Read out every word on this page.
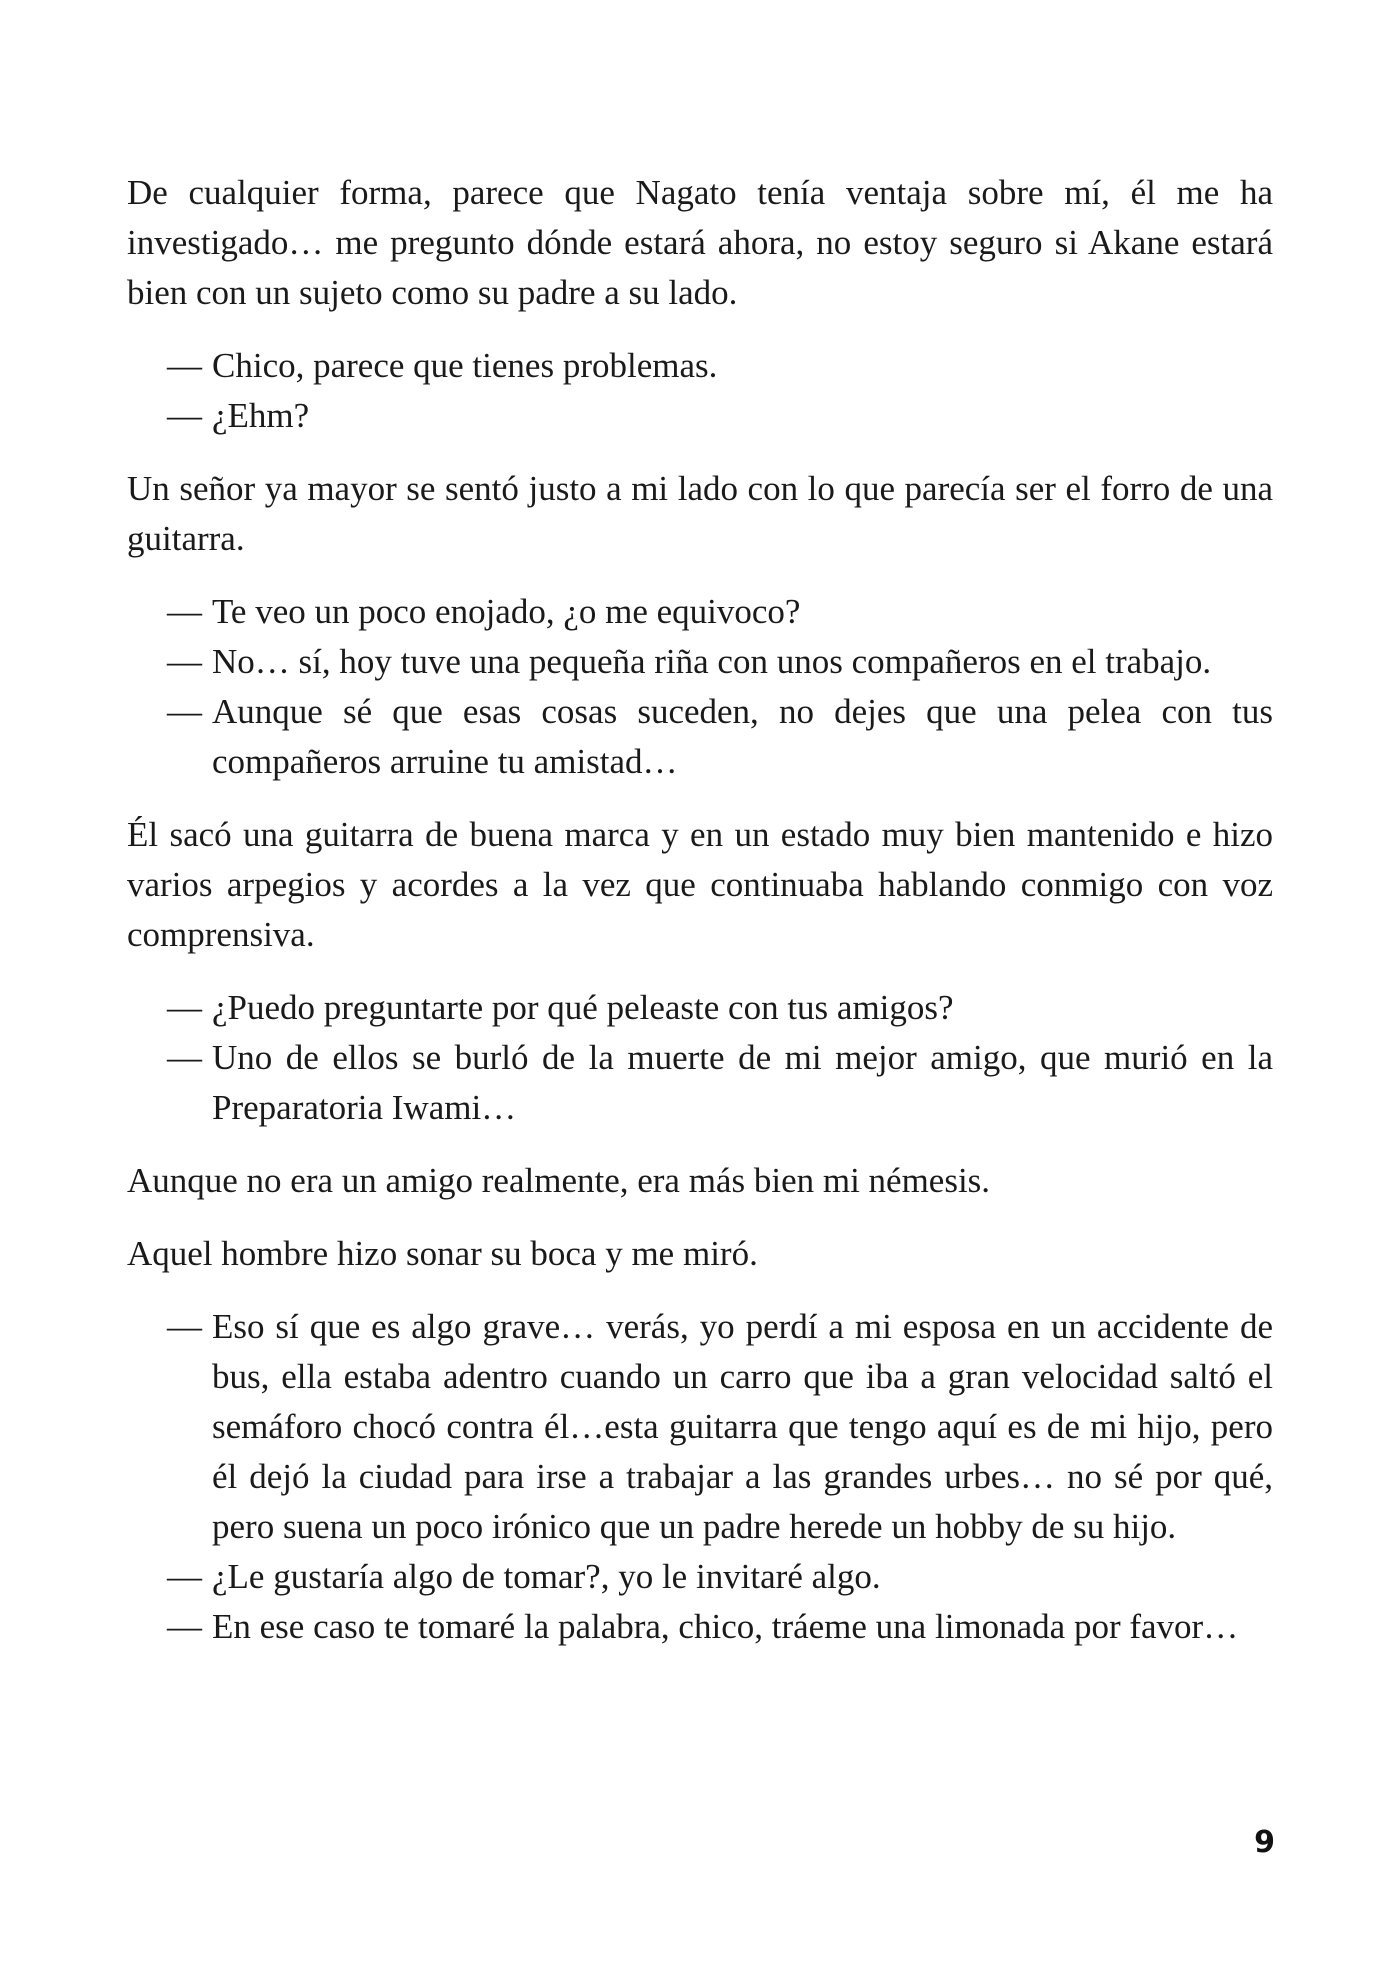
De cualquier forma, parece que Nagato tenía ventaja sobre mí, él me ha investigado… me pregunto dónde estará ahora, no estoy seguro si Akane estará bien con un sujeto como su padre a su lado.

— Chico, parece que tienes problemas.

— ¿Ehm?

Un señor ya mayor se sentó justo a mi lado con lo que parecía ser el forro de una guitarra.

— Te veo un poco enojado, ¿o me equivoco?

— No… sí, hoy tuve una pequeña riña con unos compañeros en el trabajo.

— Aunque sé que esas cosas suceden, no dejes que una pelea con tus compañeros arruine tu amistad…

Él sacó una guitarra de buena marca y en un estado muy bien mantenido e hizo varios arpegios y acordes a la vez que continuaba hablando conmigo con voz comprensiva.

— ¿Puedo preguntarte por qué peleaste con tus amigos?

— Uno de ellos se burló de la muerte de mi mejor amigo, que murió en la Preparatoria Iwami…

Aunque no era un amigo realmente, era más bien mi némesis.

Aquel hombre hizo sonar su boca y me miró.

— Eso sí que es algo grave… verás, yo perdí a mi esposa en un accidente de bus, ella estaba adentro cuando un carro que iba a gran velocidad saltó el semáforo chocó contra él…esta guitarra que tengo aquí es de mi hijo, pero él dejó la ciudad para irse a trabajar a las grandes urbes… no sé por qué, pero suena un poco irónico que un padre herede un hobby de su hijo.

— ¿Le gustaría algo de tomar?, yo le invitaré algo.

— En ese caso te tomaré la palabra, chico, tráeme una limonada por favor…

9
